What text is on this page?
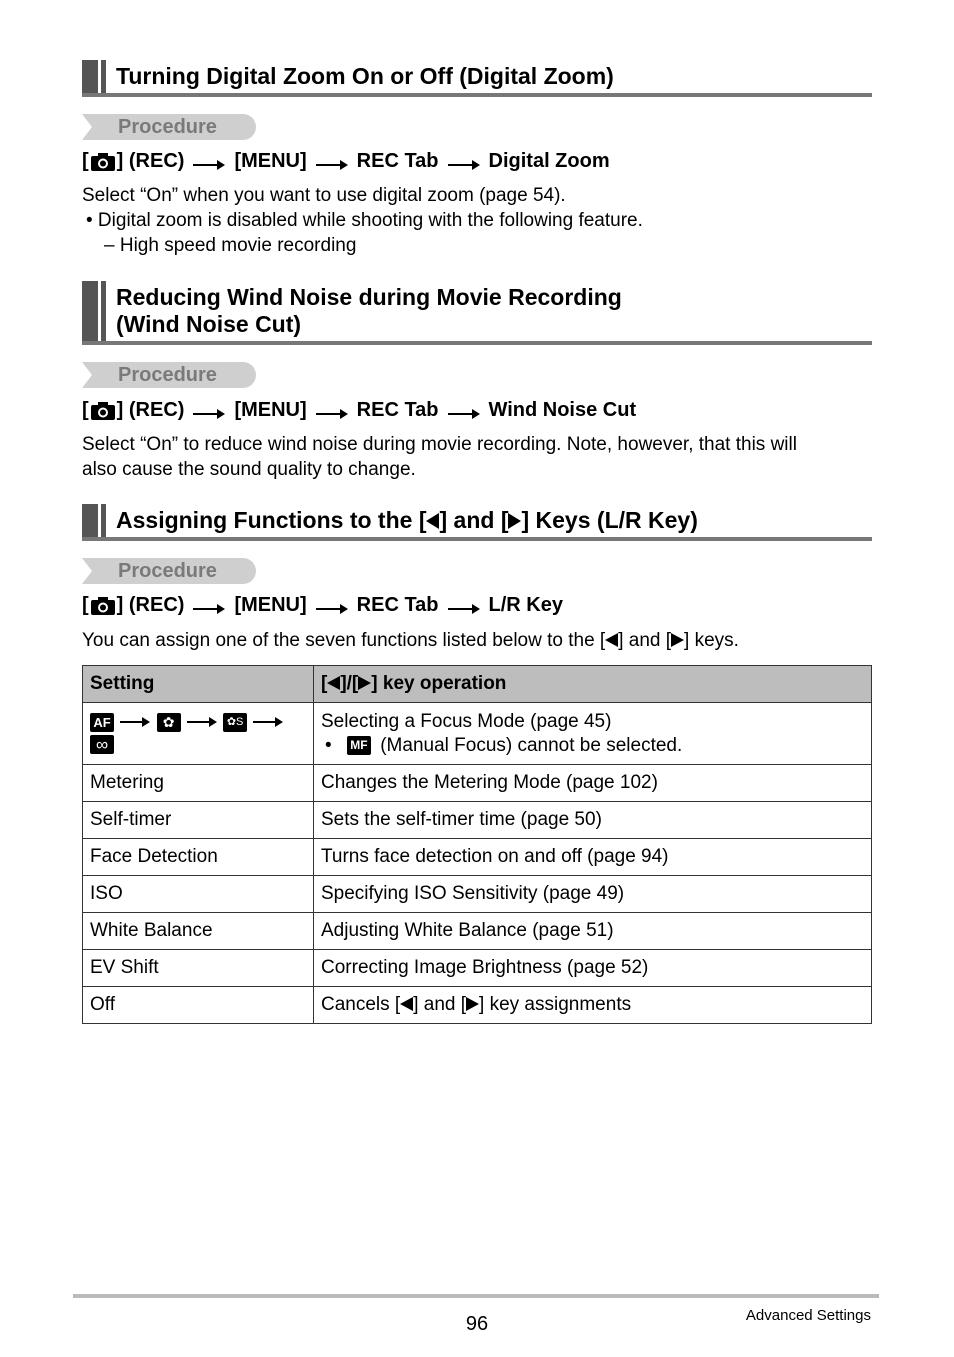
Turning Digital Zoom On or Off (Digital Zoom)
Procedure
[ ] (REC)	[MENU]	REC Tab	Digital Zoom
Select “On” when you want to use digital zoom (page 54).
• Digital zoom is disabled while shooting with the following feature.
– High speed movie recording
Reducing Wind Noise during Movie Recording
(Wind Noise Cut)
Procedure
[ ] (REC)	[MENU]	REC Tab	Wind Noise Cut
Select “On” to reduce wind noise during movie recording. Note, however, that this will
also cause the sound quality to change.
Assigning Functions to the [ ] and [ ] Keys (L/R Key)
Procedure
[ ] (REC)	[MENU]	REC Tab	L/R Key
You can assign one of the seven functions listed below to the [ ] and [ ] keys.
Setting	[ ]/[ ] key operation
AF ✿ ✿S  ∞	Selecting a Focus Mode (page 45)
• MF (Manual Focus) cannot be selected.

Metering	Changes the Metering Mode (page 102)
Self-timer	Sets the self-timer time (page 50)
Face Detection	Turns face detection on and off (page 94)
ISO	Specifying ISO Sensitivity (page 49)
White Balance	Adjusting White Balance (page 51)
EV Shift	Correcting Image Brightness (page 52)
Off	Cancels [ ] and [ ] key assignments
96	Advanced Settings
